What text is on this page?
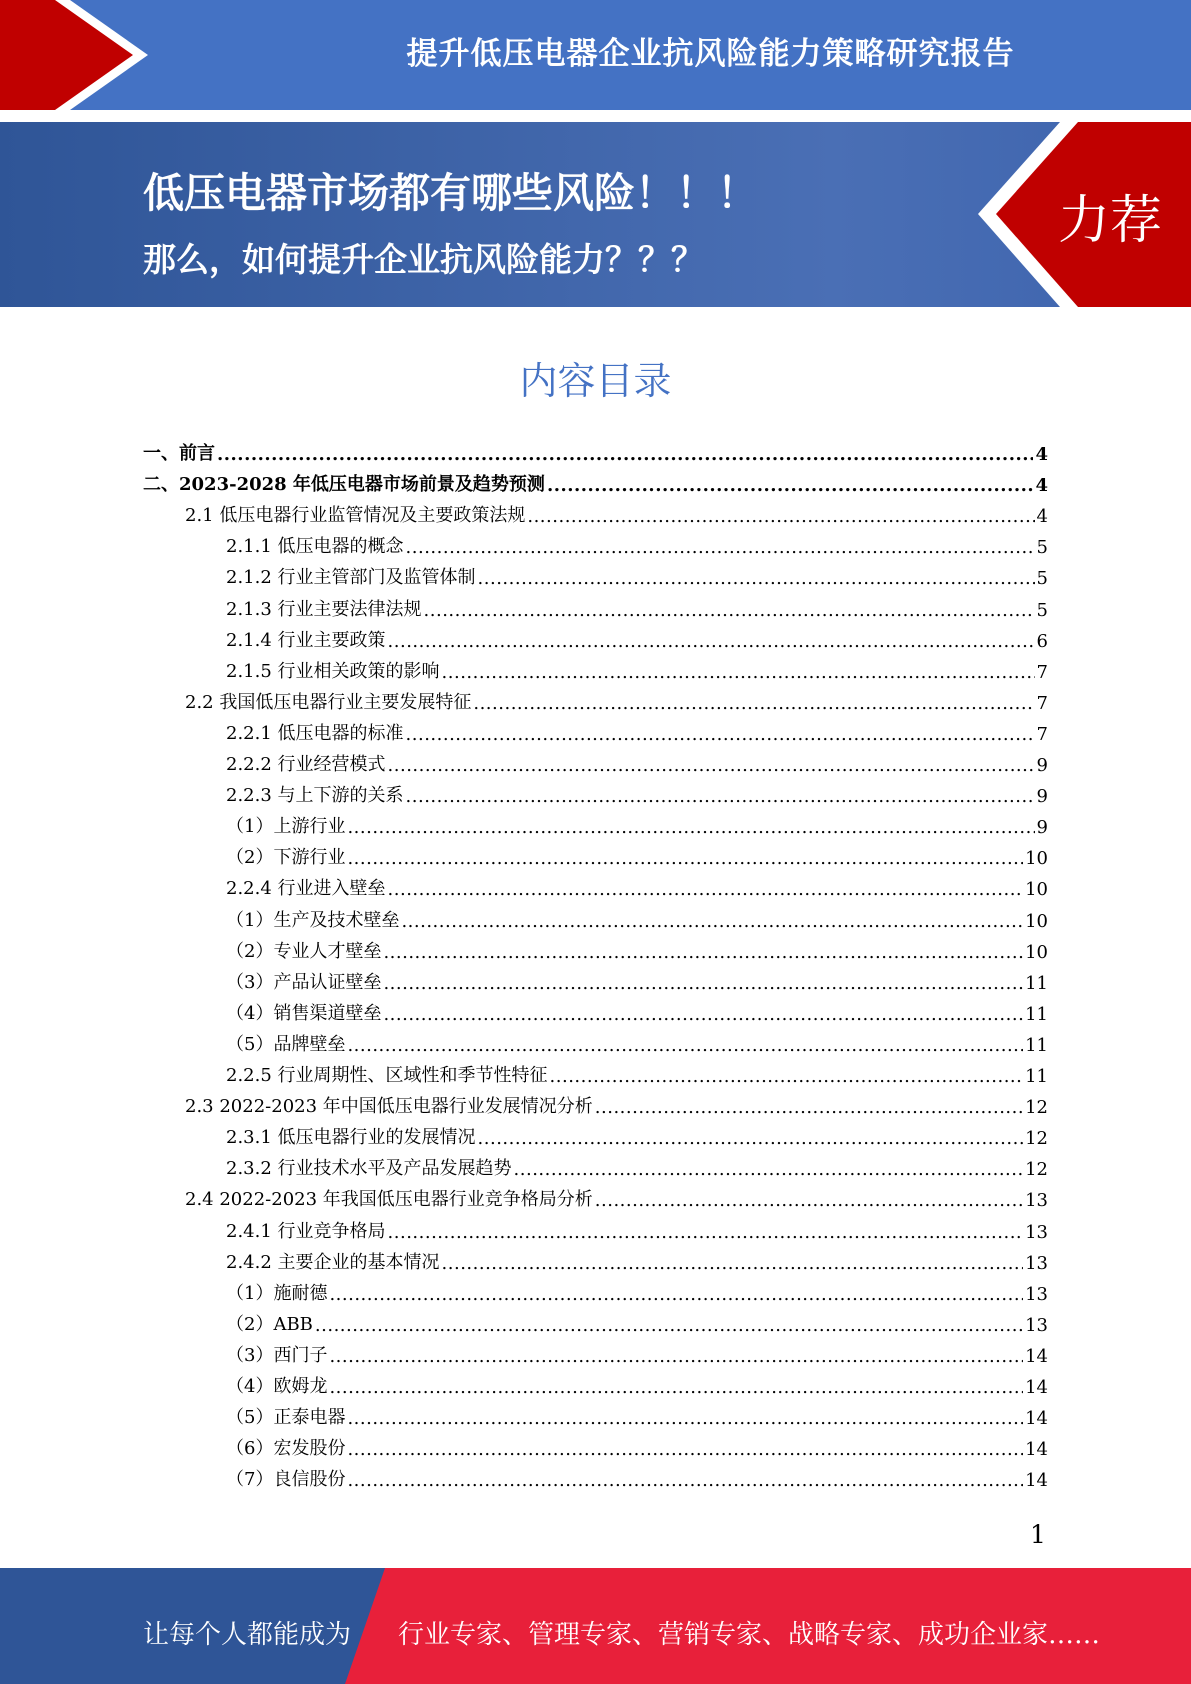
提升低压电器企业抗风险能力策略研究报告
低压电器市场都有哪些风险！！！
那么，如何提升企业抗风险能力？？？
力荐
内容目录
一、前言 .....	4
二、2023-2028 年低压电器市场前景及趋势预测 .....	4
2.1 低压电器行业监管情况及主要政策法规 .....	4
2.1.1 低压电器的概念 .....	5
2.1.2 行业主管部门及监管体制 .....	5
2.1.3 行业主要法律法规 .....	5
2.1.4 行业主要政策 .....	6
2.1.5 行业相关政策的影响 .....	7
2.2 我国低压电器行业主要发展特征 .....	7
2.2.1 低压电器的标准 .....	7
2.2.2 行业经营模式 .....	9
2.2.3 与上下游的关系 .....	9
（1）上游行业 .....	9
（2）下游行业 .....	10
2.2.4 行业进入壁垒 .....	10
（1）生产及技术壁垒 .....	10
（2）专业人才壁垒 .....	10
（3）产品认证壁垒 .....	11
（4）销售渠道壁垒 .....	11
（5）品牌壁垒 .....	11
2.2.5 行业周期性、区域性和季节性特征 .....	11
2.3 2022-2023 年中国低压电器行业发展情况分析 .....	12
2.3.1 低压电器行业的发展情况 .....	12
2.3.2 行业技术水平及产品发展趋势 .....	12
2.4 2022-2023 年我国低压电器行业竞争格局分析 .....	13
2.4.1 行业竞争格局 .....	13
2.4.2 主要企业的基本情况 .....	13
（1）施耐德 .....	13
（2）ABB .....	13
（3）西门子 .....	14
（4）欧姆龙 .....	14
（5）正泰电器 .....	14
（6）宏发股份 .....	14
（7）良信股份 .....	14
1
让每个人都能成为 行业专家、管理专家、营销专家、战略专家、成功企业家……
